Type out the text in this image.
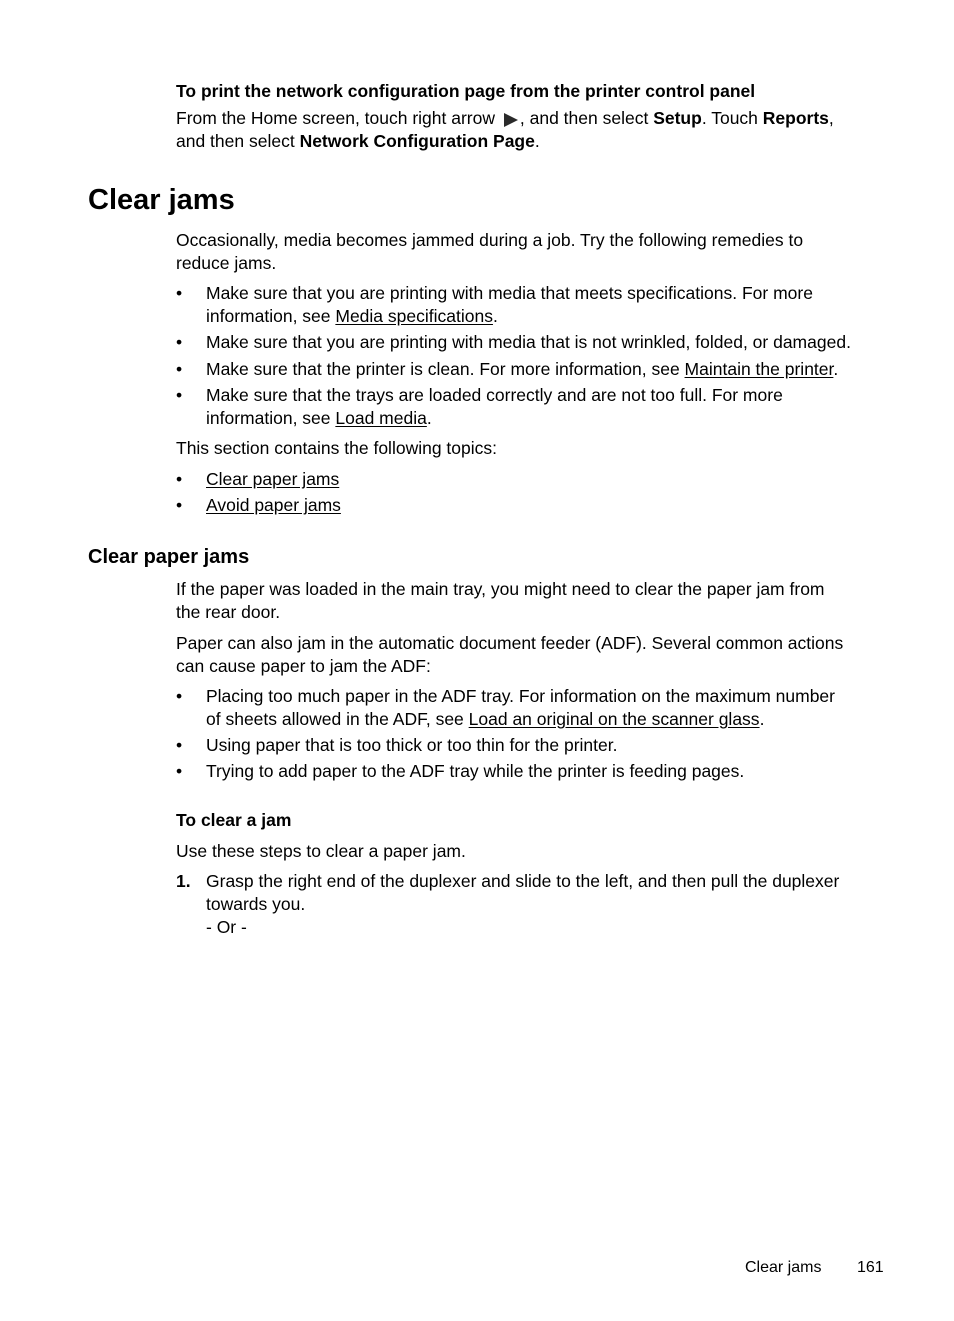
To print the network configuration page from the printer control panel

From the Home screen, touch right arrow , and then select Setup. Touch Reports,
and then select Network Configuration Page.

Clear jams

Occasionally, media becomes jammed during a job. Try the following remedies to
reduce jams.

•	Make sure that you are printing with media that meets specifications. For more
information, see Media specifications.
•	Make sure that you are printing with media that is not wrinkled, folded, or damaged.
•	Make sure that the printer is clean. For more information, see Maintain the printer.
•	Make sure that the trays are loaded correctly and are not too full. For more
information, see Load media.

This section contains the following topics:

•	Clear paper jams
•	Avoid paper jams
Clear paper jams

If the paper was loaded in the main tray, you might need to clear the paper jam from
the rear door.

Paper can also jam in the automatic document feeder (ADF). Several common actions
can cause paper to jam the ADF:

•	Placing too much paper in the ADF tray. For information on the maximum number
of sheets allowed in the ADF, see Load an original on the scanner glass.
•	Using paper that is too thick or too thin for the printer.
•	Trying to add paper to the ADF tray while the printer is feeding pages.

To clear a jam

Use these steps to clear a paper jam.

1. Grasp the right end of the duplexer and slide to the left, and then pull the duplexer
towards you.
- Or -
Clear jams 161
